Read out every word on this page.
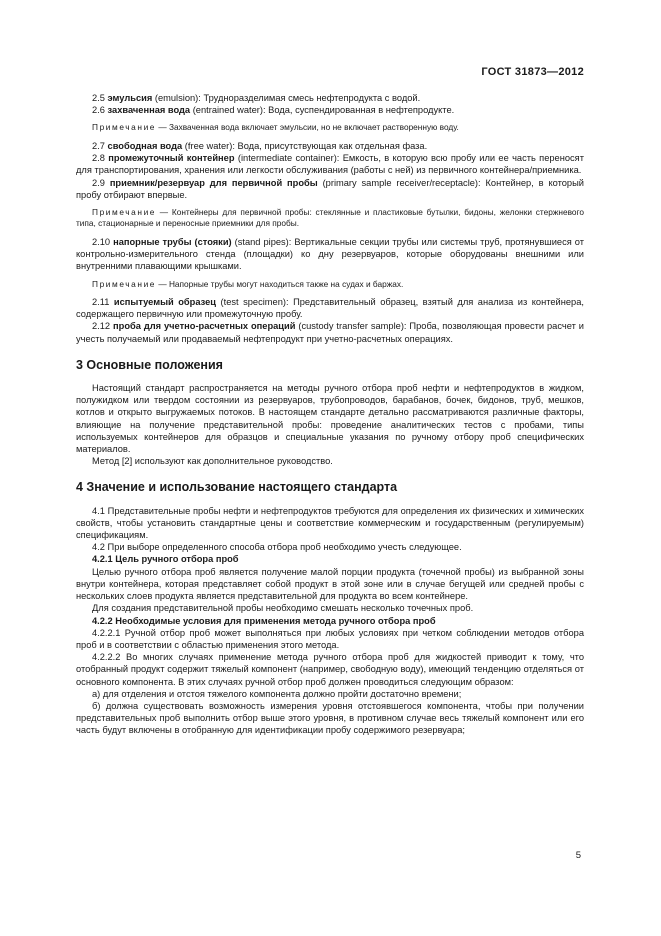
ГОСТ 31873—2012

2.5 эмульсия (emulsion): Трудноразделимая смесь нефтепродукта с водой.

2.6 захваченная вода (entrained water): Вода, суспендированная в нефтепродукте.

Примечание — Захваченная вода включает эмульсии, но не включает растворенную воду.

2.7 свободная вода (free water): Вода, присутствующая как отдельная фаза.

2.8 промежуточный контейнер (intermediate container): Емкость, в которую всю пробу или ее часть переносят для транспортирования, хранения или легкости обслуживания (работы с ней) из первичного контейнера/приемника.

2.9 приемник/резервуар для первичной пробы (primary sample receiver/receptacle): Контейнер, в который пробу отбирают впервые.

Примечание — Контейнеры для первичной пробы: стеклянные и пластиковые бутылки, бидоны, желонки стержневого типа, стационарные и переносные приемники для пробы.

2.10 напорные трубы (стояки) (stand pipes): Вертикальные секции трубы или системы труб, протянувшиеся от контрольно-измерительного стенда (площадки) ко дну резервуаров, которые оборудованы внешними или внутренними плавающими крышками.

Примечание — Напорные трубы могут находиться также на судах и баржах.

2.11 испытуемый образец (test specimen): Представительный образец, взятый для анализа из контейнера, содержащего первичную или промежуточную пробу.

2.12 проба для учетно-расчетных операций (custody transfer sample): Проба, позволяющая провести расчет и учесть получаемый или продаваемый нефтепродукт при учетно-расчетных операциях.

3 Основные положения

Настоящий стандарт распространяется на методы ручного отбора проб нефти и нефтепродуктов в жидком, полужидком или твердом состоянии из резервуаров, трубопроводов, барабанов, бочек, бидонов, труб, мешков, котлов и открыто выгружаемых потоков. В настоящем стандарте детально рассматриваются различные факторы, влияющие на получение представительной пробы: проведение аналитических тестов с пробами, типы используемых контейнеров для образцов и специальные указания по ручному отбору проб специфических материалов.

Метод [2] используют как дополнительное руководство.

4 Значение и использование настоящего стандарта

4.1 Представительные пробы нефти и нефтепродуктов требуются для определения их физических и химических свойств, чтобы установить стандартные цены и соответствие коммерческим и государственным (регулируемым) спецификациям.

4.2 При выборе определенного способа отбора проб необходимо учесть следующее.

4.2.1 Цель ручного отбора проб

Целью ручного отбора проб является получение малой порции продукта (точечной пробы) из выбранной зоны внутри контейнера, которая представляет собой продукт в этой зоне или в случае бегущей или средней пробы с нескольких слоев продукта является представительной для продукта во всем контейнере.

Для создания представительной пробы необходимо смешать несколько точечных проб.

4.2.2 Необходимые условия для применения метода ручного отбора проб

4.2.2.1 Ручной отбор проб может выполняться при любых условиях при четком соблюдении методов отбора проб и в соответствии с областью применения этого метода.

4.2.2.2 Во многих случаях применение метода ручного отбора проб для жидкостей приводит к тому, что отобранный продукт содержит тяжелый компонент (например, свободную воду), имеющий тенденцию отделяться от основного компонента. В этих случаях ручной отбор проб должен проводиться следующим образом:

а) для отделения и отстоя тяжелого компонента должно пройти достаточно времени;

б) должна существовать возможность измерения уровня отстоявшегося компонента, чтобы при получении представительных проб выполнить отбор выше этого уровня, в противном случае весь тяжелый компонент или его часть будут включены в отобранную для идентификации пробу содержимого резервуара;

5
